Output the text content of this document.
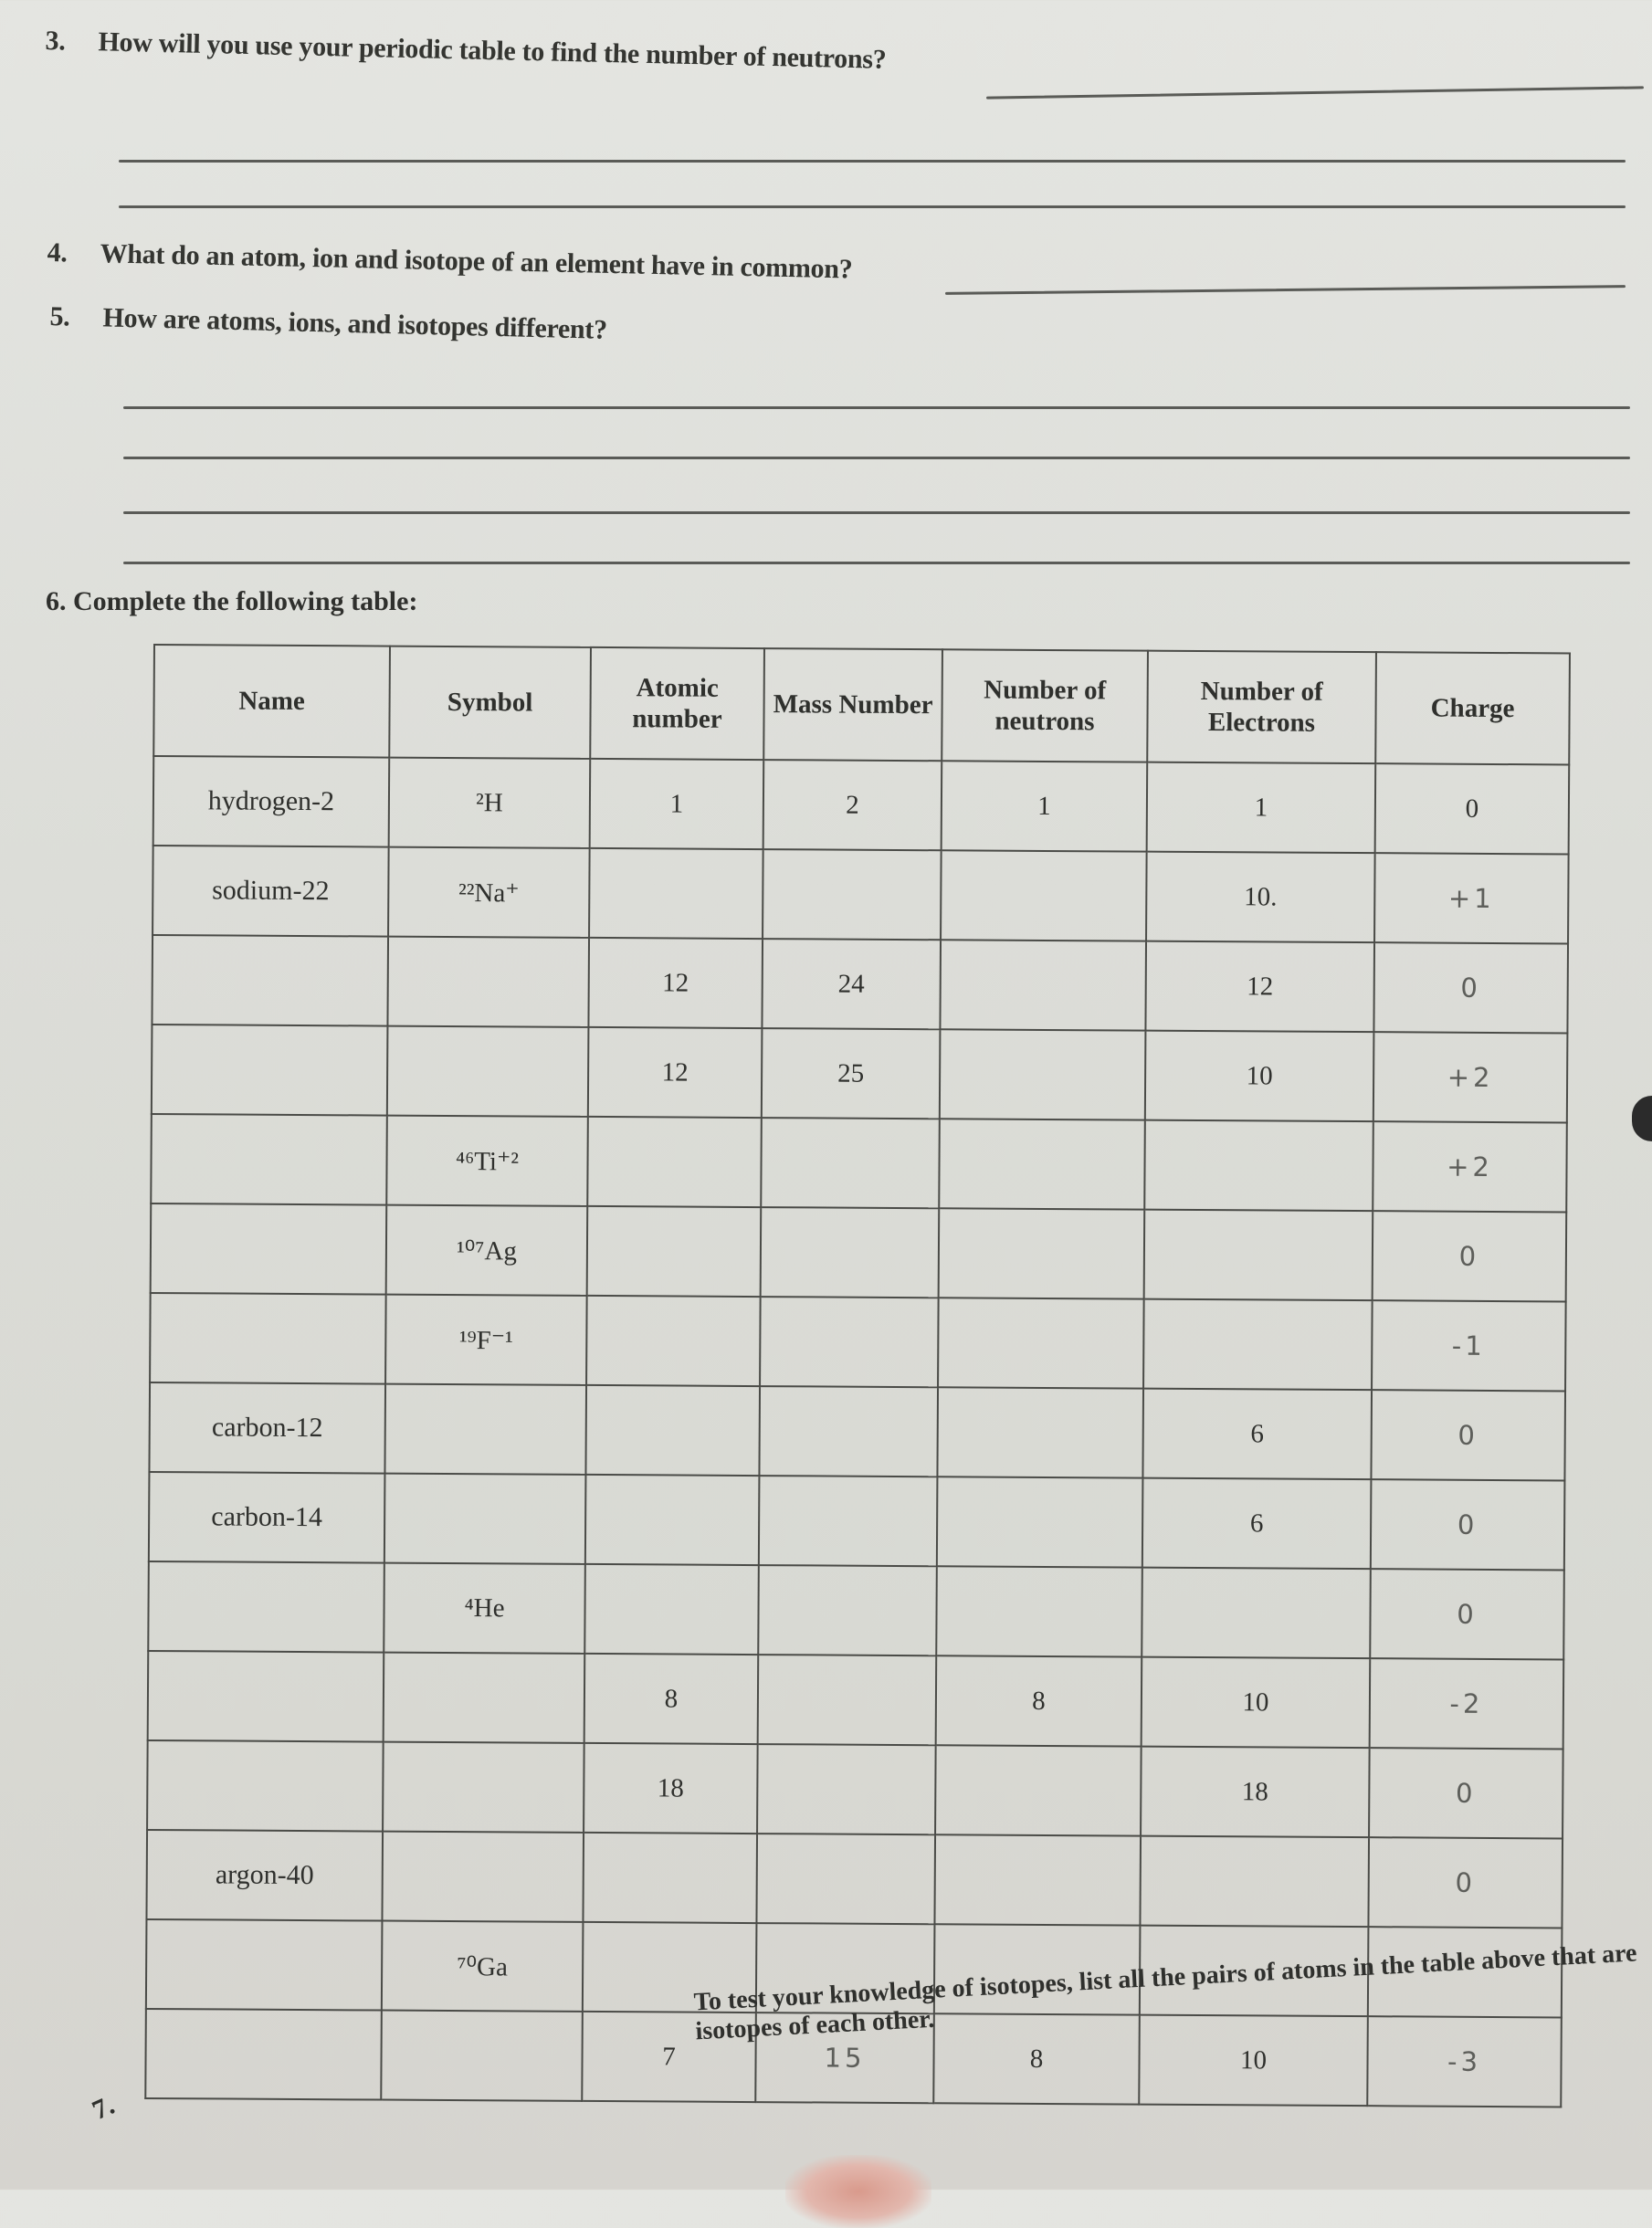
3. How will you use your periodic table to find the number of neutrons?
4. What do an atom, ion and isotope of an element have in common?
5. How are atoms, ions, and isotopes different?
6. Complete the following table:
Name	Symbol	Atomic number	Mass Number	Number of neutrons	Number of Electrons	Charge
hydrogen-2	²H	1	2	1	1	0
sodium-22	²²Na⁺				10.	+1
		12	24		12	0
		12	25		10	+2
	⁴⁶Ti⁺²					+2
	¹⁰⁷Ag					0
	¹⁹F⁻¹					-1
carbon-12					6	0
carbon-14					6	0
	⁴He					0
		8		8	10	-2
		18			18	0
argon-40						0
	⁷⁰Ga					
		7	15	8	10	-3
7.
To test your knowledge of isotopes, list all the pairs of atoms in the table above that are isotopes of each other.
